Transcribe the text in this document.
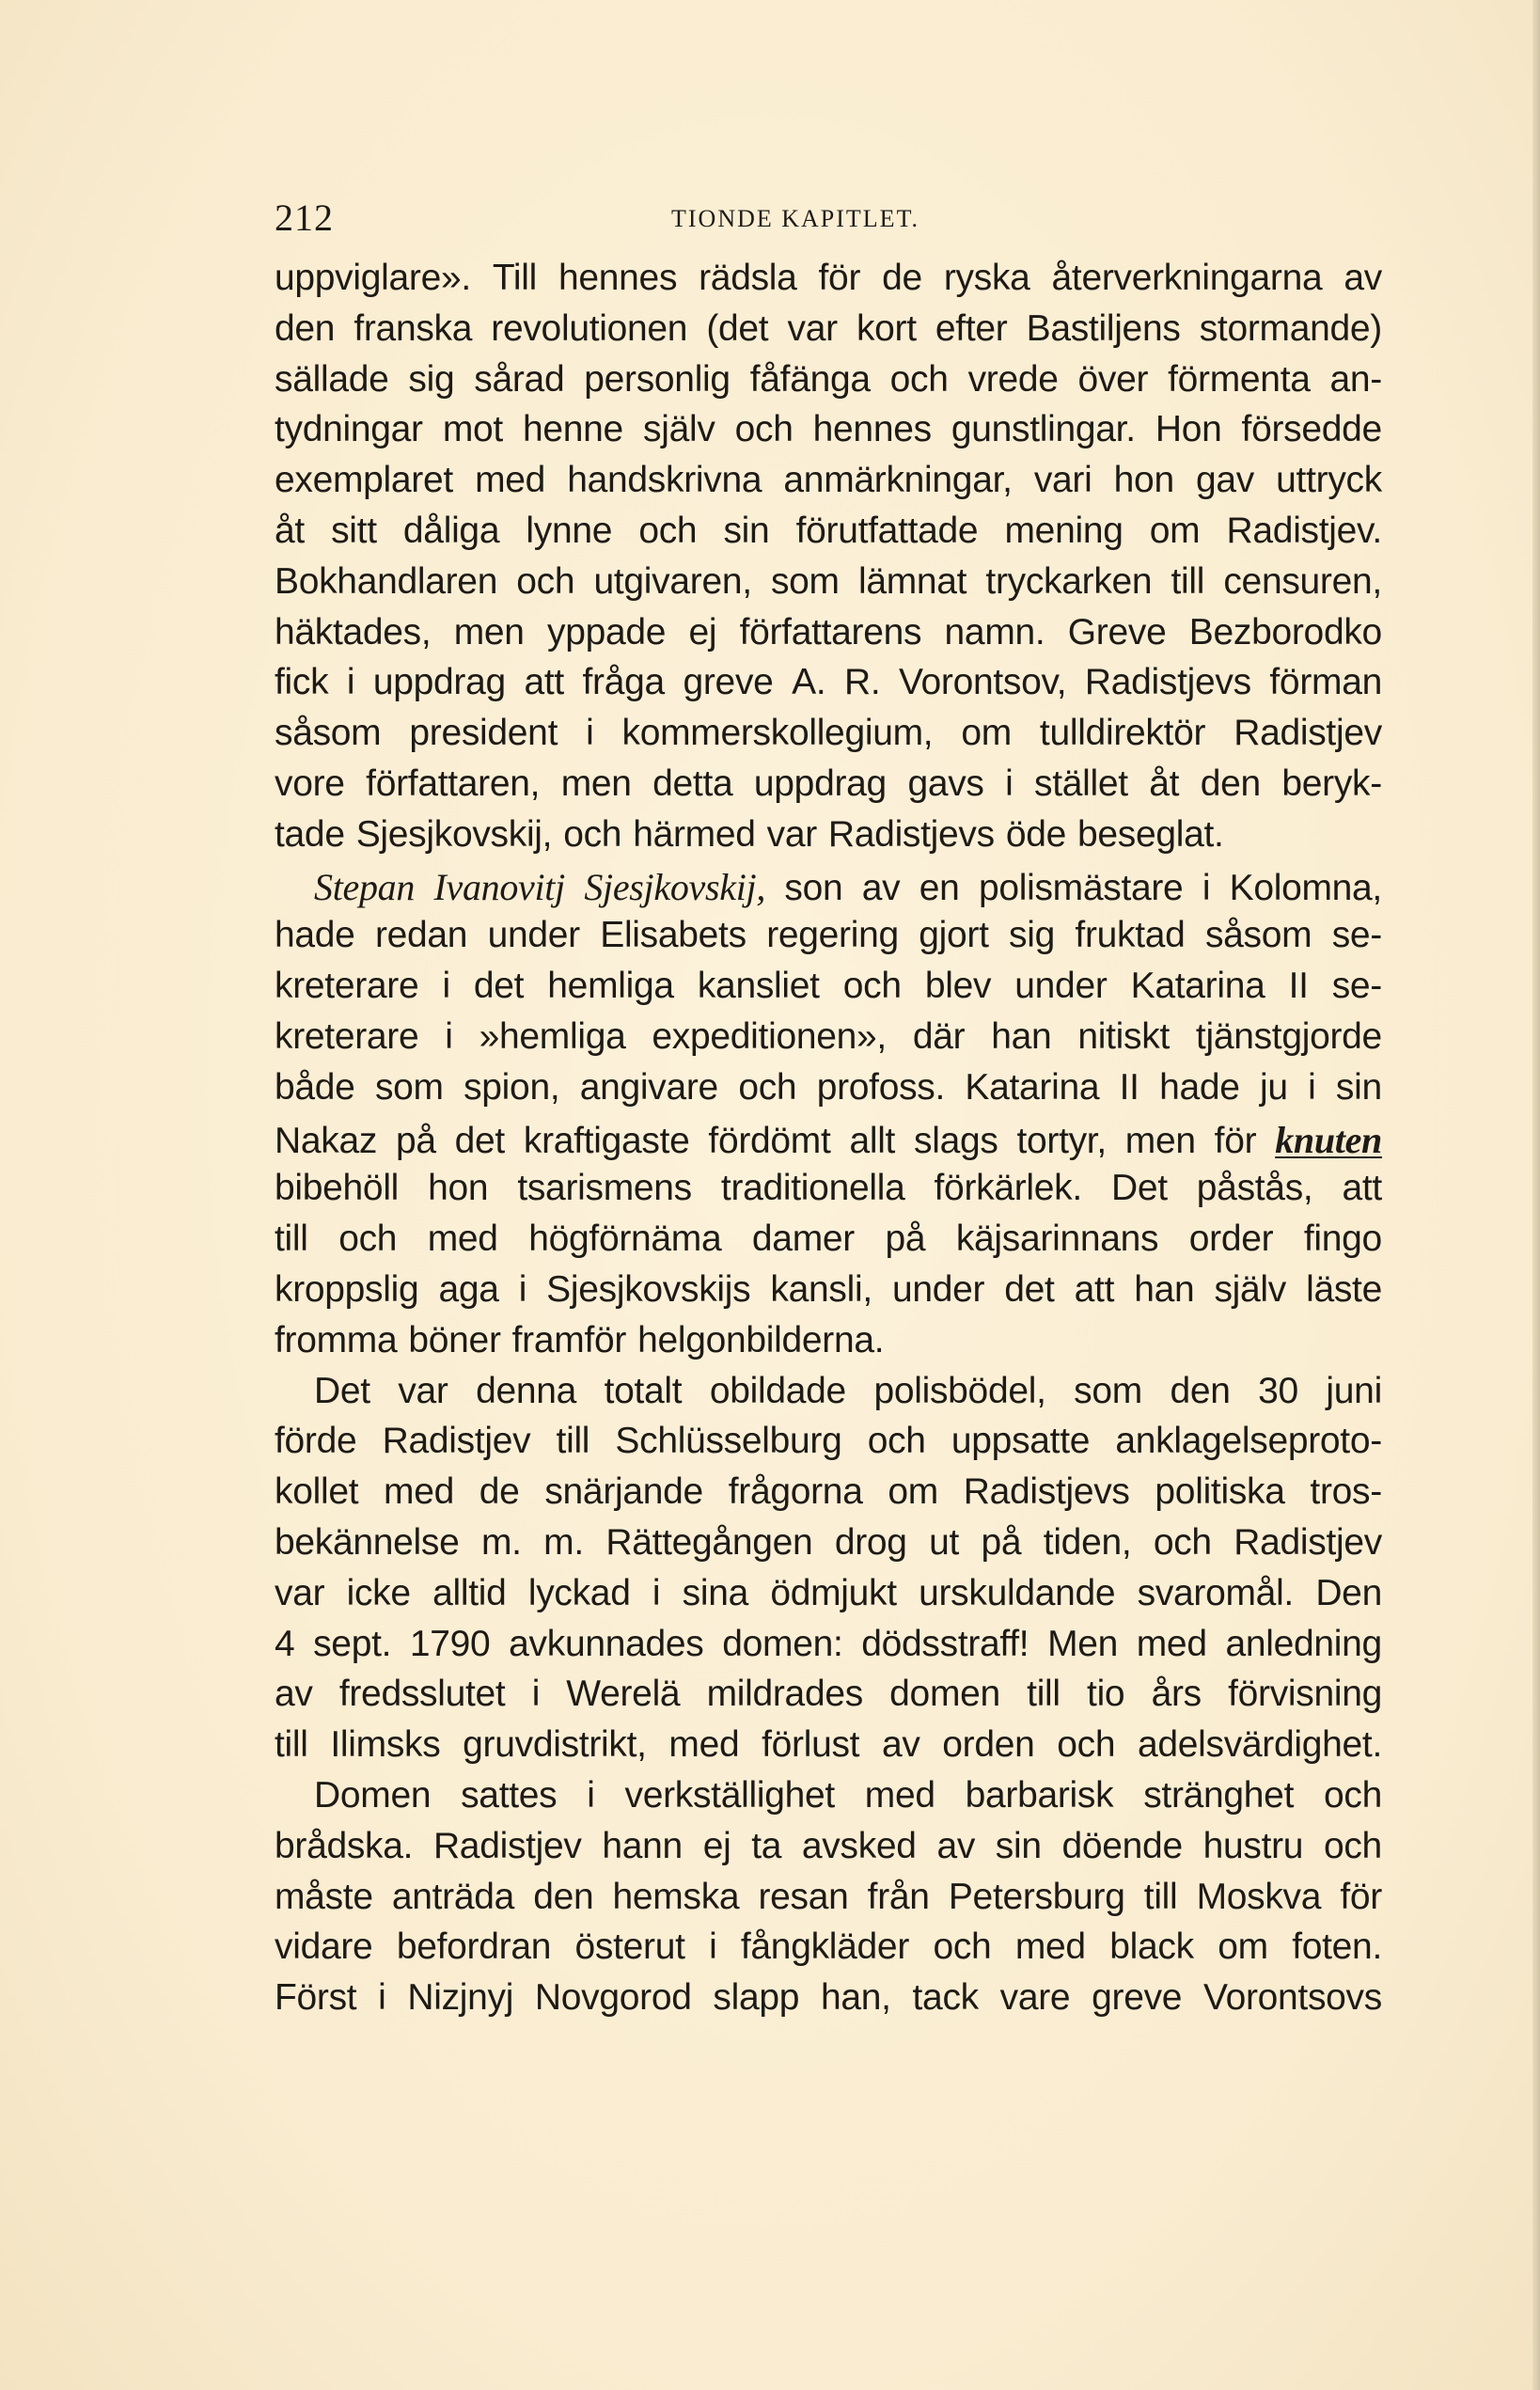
212	TIONDE KAPITLET.
uppviglare». Till hennes rädsla för de ryska återverkningarna av
den franska revolutionen (det var kort efter Bastiljens stormande)
sällade sig sårad personlig fåfänga och vrede över förmenta an-
tydningar mot henne själv och hennes gunstlingar. Hon försedde
exemplaret med handskrivna anmärkningar, vari hon gav uttryck
åt sitt dåliga lynne och sin förutfattade mening om Radistjev.
Bokhandlaren och utgivaren, som lämnat tryckarken till censuren,
häktades, men yppade ej författarens namn. Greve Bezborodko
fick i uppdrag att fråga greve A. R. Vorontsov, Radistjevs förman
såsom president i kommerskollegium, om tulldirektör Radistjev
vore författaren, men detta uppdrag gavs i stället åt den beryk-
tade Sjesjkovskij, och härmed var Radistjevs öde beseglat.
Stepan Ivanovitj Sjesjkovskij, son av en polismästare i Kolomna,
hade redan under Elisabets regering gjort sig fruktad såsom se-
kreterare i det hemliga kansliet och blev under Katarina II se-
kreterare i »hemliga expeditionen», där han nitiskt tjänstgjorde
både som spion, angivare och profoss. Katarina II hade ju i sin
Nakaz på det kraftigaste fördömt allt slags tortyr, men för knuten
bibehöll hon tsarismens traditionella förkärlek. Det påstås, att
till och med högförnäma damer på käjsarinnans order fingo
kroppslig aga i Sjesjkovskijs kansli, under det att han själv läste
fromma böner framför helgonbilderna.
Det var denna totalt obildade polisbödel, som den 30 juni
förde Radistjev till Schlüsselburg och uppsatte anklagelseproto-
kollet med de snärjande frågorna om Radistjevs politiska tros-
bekännelse m. m. Rättegången drog ut på tiden, och Radistjev
var icke alltid lyckad i sina ödmjukt urskuldande svaromål. Den
4 sept. 1790 avkunnades domen: dödsstraff! Men med anledning
av fredsslutet i Werelä mildrades domen till tio års förvisning
till Ilimsks gruvdistrikt, med förlust av orden och adelsvärdighet.
Domen sattes i verkställighet med barbarisk stränghet och
brådska. Radistjev hann ej ta avsked av sin döende hustru och
måste anträda den hemska resan från Petersburg till Moskva för
vidare befordran österut i fångkläder och med black om foten.
Först i Nizjnyj Novgorod slapp han, tack vare greve Vorontsovs
